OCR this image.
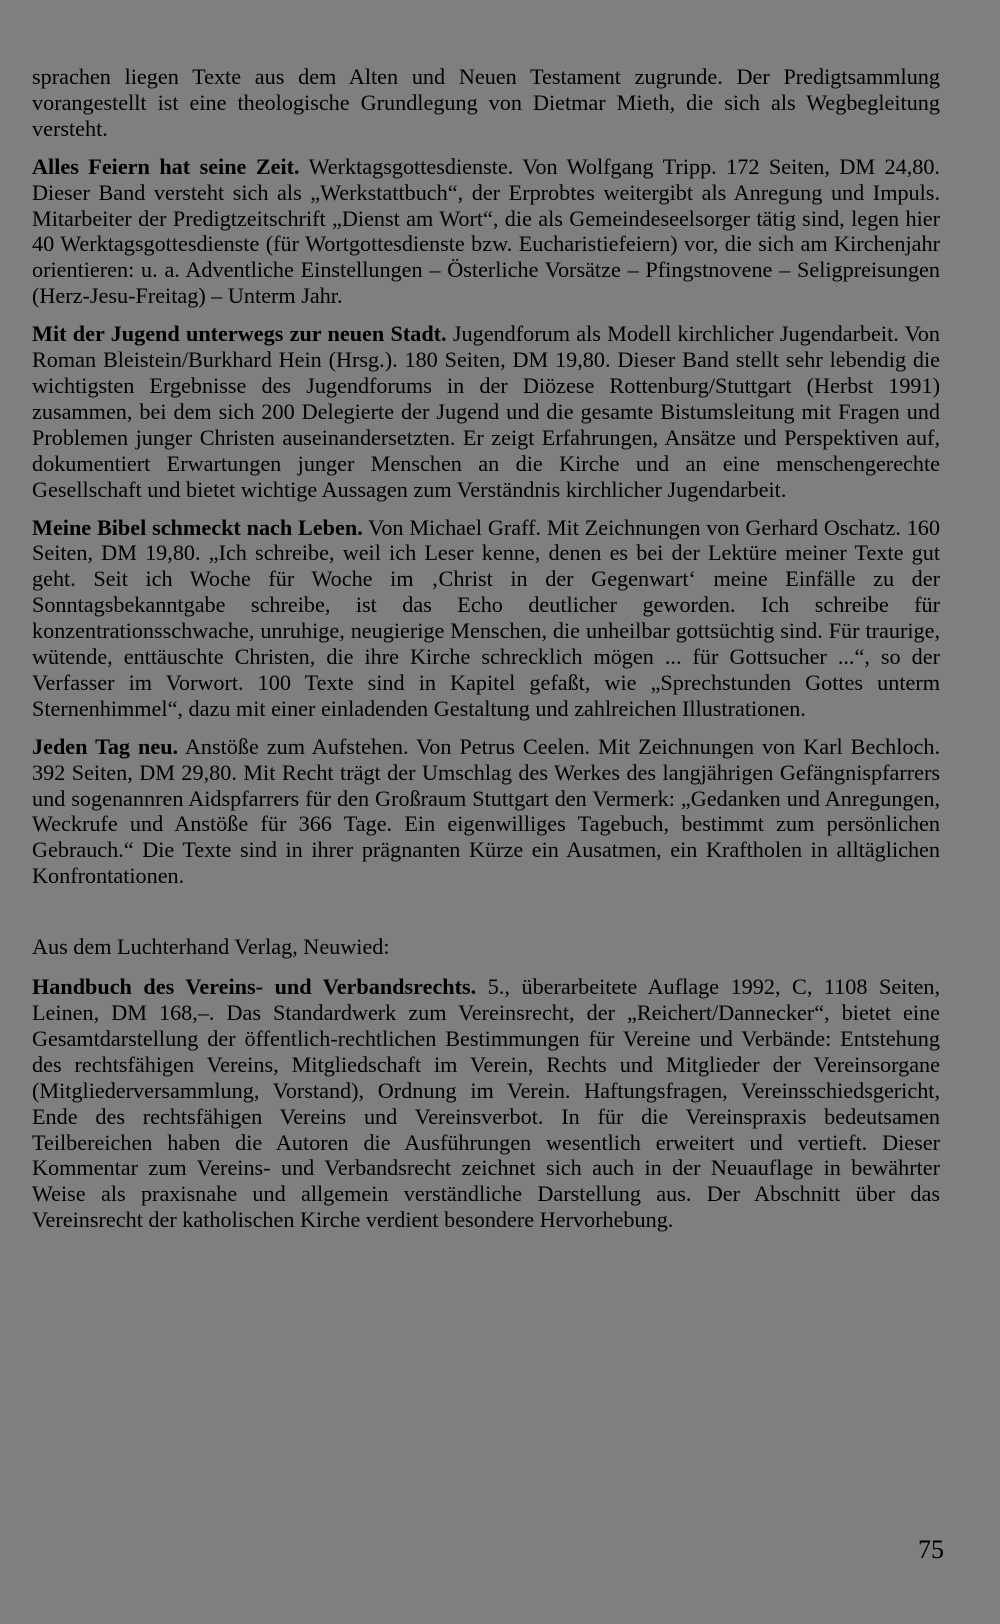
sprachen liegen Texte aus dem Alten und Neuen Testament zugrunde. Der Predigtsammlung vorangestellt ist eine theologische Grundlegung von Dietmar Mieth, die sich als Wegbegleitung versteht.

Alles Feiern hat seine Zeit. Werktagsgottesdienste. Von Wolfgang Tripp. 172 Seiten, DM 24,80. Dieser Band versteht sich als „Werkstattbuch“, der Erprobtes weitergibt als Anregung und Impuls. Mitarbeiter der Predigtzeitschrift „Dienst am Wort“, die als Gemeindeseelsorger tätig sind, legen hier 40 Werktagsgottesdienste (für Wortgottesdienste bzw. Eucharistiefeiern) vor, die sich am Kirchenjahr orientieren: u. a. Adventliche Einstellungen – Österliche Vorsätze – Pfingstnovene – Seligpreisungen (Herz-Jesu-Freitag) – Unterm Jahr.

Mit der Jugend unterwegs zur neuen Stadt. Jugendforum als Modell kirchlicher Jugendarbeit. Von Roman Bleistein/Burkhard Hein (Hrsg.). 180 Seiten, DM 19,80. Dieser Band stellt sehr lebendig die wichtigsten Ergebnisse des Jugendforums in der Diözese Rottenburg/Stuttgart (Herbst 1991) zusammen, bei dem sich 200 Delegierte der Jugend und die gesamte Bistumsleitung mit Fragen und Problemen junger Christen auseinandersetzten. Er zeigt Erfahrungen, Ansätze und Perspektiven auf, dokumentiert Erwartungen junger Menschen an die Kirche und an eine menschengerechte Gesellschaft und bietet wichtige Aussagen zum Verständnis kirchlicher Jugendarbeit.

Meine Bibel schmeckt nach Leben. Von Michael Graff. Mit Zeichnungen von Gerhard Oschatz. 160 Seiten, DM 19,80. „Ich schreibe, weil ich Leser kenne, denen es bei der Lektüre meiner Texte gut geht. Seit ich Woche für Woche im ‚Christ in der Gegenwart‘ meine Einfälle zu der Sonntagsbekanntgabe schreibe, ist das Echo deutlicher geworden. Ich schreibe für konzentrationsschwache, unruhige, neugierige Menschen, die unheilbar gottsüchtig sind. Für traurige, wütende, enttäuschte Christen, die ihre Kirche schrecklich mögen ... für Gottsucher ...“, so der Verfasser im Vorwort. 100 Texte sind in Kapitel gefaßt, wie „Sprechstunden Gottes unterm Sternenhimmel“, dazu mit einer einladenden Gestaltung und zahlreichen Illustrationen.

Jeden Tag neu. Anstöße zum Aufstehen. Von Petrus Ceelen. Mit Zeichnungen von Karl Bechloch. 392 Seiten, DM 29,80. Mit Recht trägt der Umschlag des Werkes des langjährigen Gefängnispfarrers und sogenannren Aidspfarrers für den Großraum Stuttgart den Vermerk: „Gedanken und Anregungen, Weckrufe und Anstöße für 366 Tage. Ein eigenwilliges Tagebuch, bestimmt zum persönlichen Gebrauch.“ Die Texte sind in ihrer prägnanten Kürze ein Ausatmen, ein Kraftholen in alltäglichen Konfrontationen.

Aus dem Luchterhand Verlag, Neuwied:

Handbuch des Vereins- und Verbandsrechts. 5., überarbeitete Auflage 1992, C, 1108 Seiten, Leinen, DM 168,–. Das Standardwerk zum Vereinsrecht, der „Reichert/Dannecker“, bietet eine Gesamtdarstellung der öffentlich-rechtlichen Bestimmungen für Vereine und Verbände: Entstehung des rechtsfähigen Vereins, Mitgliedschaft im Verein, Rechts und Mitglieder der Vereinsorgane (Mitgliederversammlung, Vorstand), Ordnung im Verein. Haftungsfragen, Vereinsschiedsgericht, Ende des rechtsfähigen Vereins und Vereinsverbot. In für die Vereinspraxis bedeutsamen Teilbereichen haben die Autoren die Ausführungen wesentlich erweitert und vertieft. Dieser Kommentar zum Vereins- und Verbandsrecht zeichnet sich auch in der Neuauflage in bewährter Weise als praxisnahe und allgemein verständliche Darstellung aus. Der Abschnitt über das Vereinsrecht der katholischen Kirche verdient besondere Hervorhebung.

75
